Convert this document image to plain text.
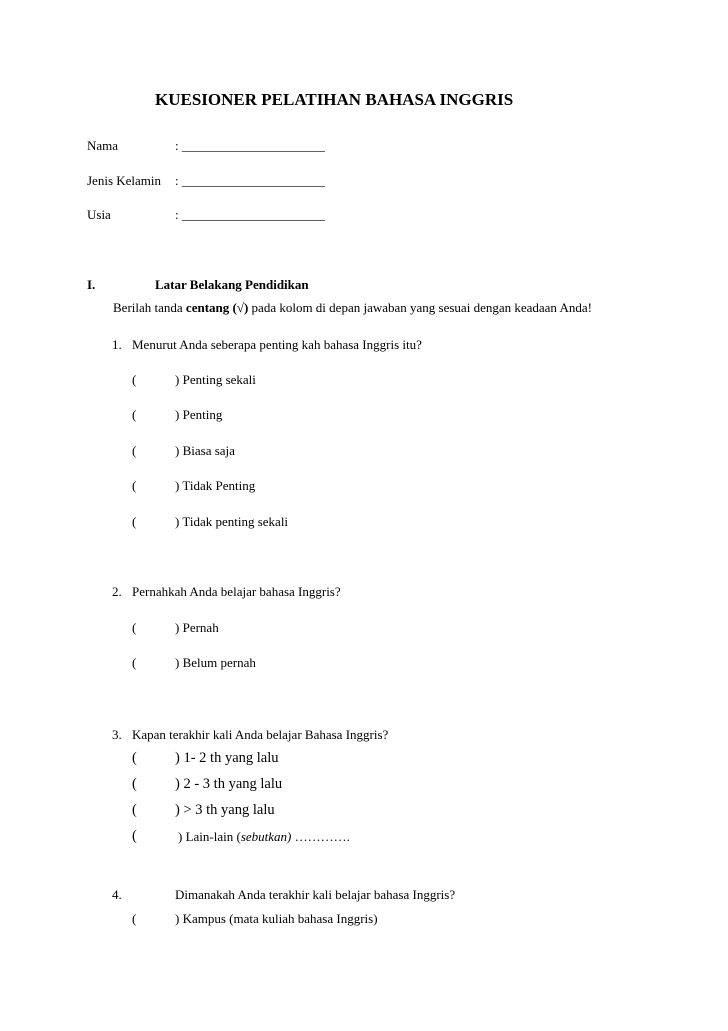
KUESIONER PELATIHAN BAHASA INGGRIS
Nama	: ______________________
Jenis Kelamin : ______________________
Usia	: ______________________
I.	Latar Belakang Pendidikan
Berilah tanda centang (√) pada kolom di depan jawaban yang sesuai dengan keadaan Anda!
1. Menurut Anda seberapa penting kah bahasa Inggris itu?
(	) Penting sekali
(	) Penting
(	) Biasa saja
(	) Tidak Penting
(	) Tidak penting sekali
2. Pernahkah Anda belajar bahasa Inggris?
(	) Pernah
(	) Belum pernah
3. Kapan terakhir kali Anda belajar Bahasa Inggris?
(	) 1- 2 th yang lalu
(	) 2 - 3 th yang lalu
(	) > 3 th yang lalu
(	) Lain-lain (sebutkan) ………….
4.	Dimanakah Anda terakhir kali belajar bahasa Inggris?
(	) Kampus (mata kuliah bahasa Inggris)
